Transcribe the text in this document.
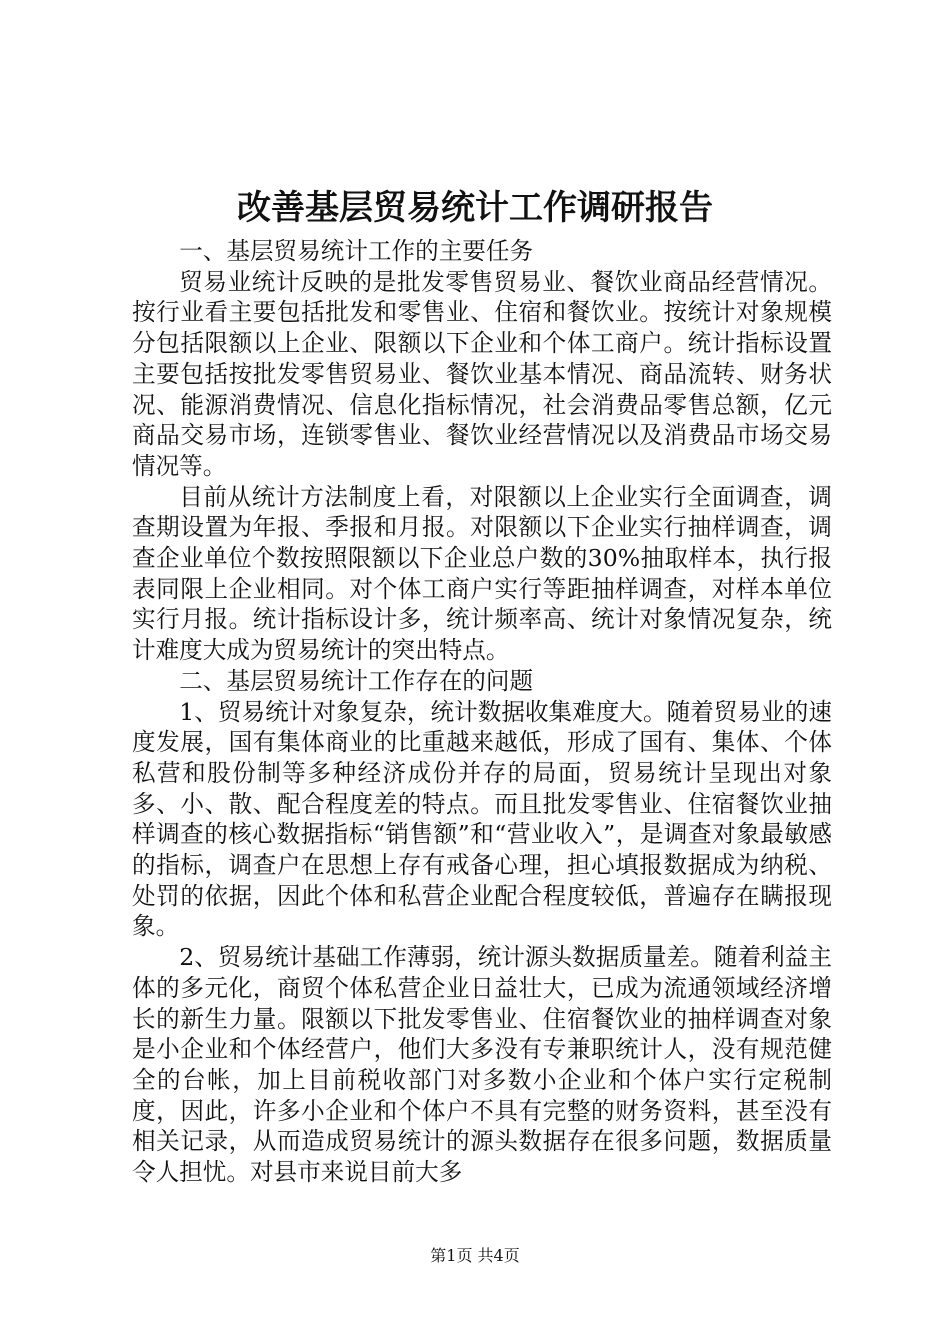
改善基层贸易统计工作调研报告

一、基层贸易统计工作的主要任务

贸易业统计反映的是批发零售贸易业、餐饮业商品经营情况。按行业看主要包括批发和零售业、住宿和餐饮业。按统计对象规模分包括限额以上企业、限额以下企业和个体工商户。统计指标设置主要包括按批发零售贸易业、餐饮业基本情况、商品流转、财务状况、能源消费情况、信息化指标情况，社会消费品零售总额，亿元商品交易市场，连锁零售业、餐饮业经营情况以及消费品市场交易情况等。

目前从统计方法制度上看，对限额以上企业实行全面调查，调查期设置为年报、季报和月报。对限额以下企业实行抽样调查，调查企业单位个数按照限额以下企业总户数的30%抽取样本，执行报表同限上企业相同。对个体工商户实行等距抽样调查，对样本单位实行月报。统计指标设计多，统计频率高、统计对象情况复杂，统计难度大成为贸易统计的突出特点。

二、基层贸易统计工作存在的问题

1、贸易统计对象复杂，统计数据收集难度大。随着贸易业的速度发展，国有集体商业的比重越来越低，形成了国有、集体、个体私营和股份制等多种经济成份并存的局面，贸易统计呈现出对象多、小、散、配合程度差的特点。而且批发零售业、住宿餐饮业抽样调查的核心数据指标“销售额”和“营业收入”，是调查对象最敏感的指标，调查户在思想上存有戒备心理，担心填报数据成为纳税、处罚的依据，因此个体和私营企业配合程度较低，普遍存在瞒报现象。

2、贸易统计基础工作薄弱，统计源头数据质量差。随着利益主体的多元化，商贸个体私营企业日益壮大，已成为流通领域经济增长的新生力量。限额以下批发零售业、住宿餐饮业的抽样调查对象是小企业和个体经营户，他们大多没有专兼职统计人，没有规范健全的台帐，加上目前税收部门对多数小企业和个体户实行定税制度，因此，许多小企业和个体户不具有完整的财务资料，甚至没有相关记录，从而造成贸易统计的源头数据存在很多问题，数据质量令人担忧。对县市来说目前大多

第1页 共4页
